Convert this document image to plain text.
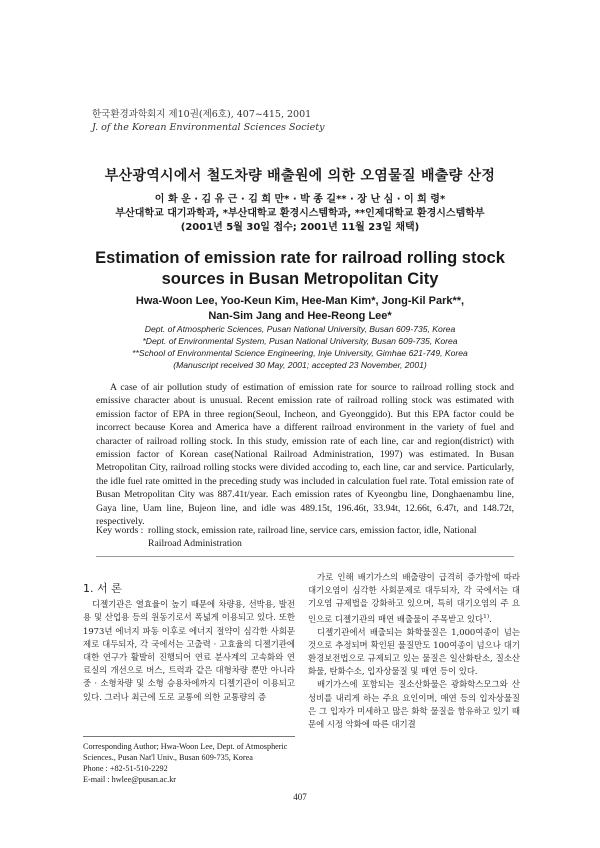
한국환경과학회지 제10권(제6호), 407~415, 2001
J. of the Korean Environmental Sciences Society
부산광역시에서 철도차량 배출원에 의한 오염물질 배출량 산정
이 화 운 · 김 유 근 · 김 희 만* · 박 종 길** · 장 난 심 · 이 희 령*
부산대학교 대기과학과, *부산대학교 환경시스템학과, **인제대학교 환경시스템학부
(2001년 5월 30일 접수; 2001년 11월 23일 채택)
Estimation of emission rate for railroad rolling stock
sources in Busan Metropolitan City
Hwa-Woon Lee, Yoo-Keun Kim, Hee-Man Kim*, Jong-Kil Park**,
Nan-Sim Jang and Hee-Reong Lee*
Dept. of Atmospheric Sciences, Pusan National University, Busan 609-735, Korea
*Dept. of Environmental System, Pusan National University, Busan 609-735, Korea
**School of Environmental Science Engineering, Inje University, Gimhae 621-749, Korea
(Manuscript received 30 May, 2001; accepted 23 November, 2001)
A case of air pollution study of estimation of emission rate for source to railroad rolling stock and emissive character about is unusual. Recent emission rate of railroad rolling stock was estimated with emission factor of EPA in three region(Seoul, Incheon, and Gyeonggido). But this EPA factor could be incorrect because Korea and America have a different railroad environment in the variety of fuel and character of railroad rolling stock. In this study, emission rate of each line, car and region(district) with emission factor of Korean case(National Railroad Administration, 1997) was estimated. In Busan Metropolitan City, railroad rolling stocks were divided accoding to, each line, car and service. Particularly, the idle fuel rate omitted in the preceding study was included in calculation fuel rate. Total emission rate of Busan Metropolitan City was 887.41t/year. Each emission rates of Kyeongbu line, Donghaenambu line, Gaya line, Uam line, Bujeon line, and idle was 489.15t, 196.46t, 33.94t, 12.66t, 6.47t, and 148.72t, respectively.
Key words : rolling stock, emission rate, railroad line, service cars, emission factor, idle, National Railroad Administration
1. 서 론

디젤기관은 열효율이 높기 때문에 차량용, 선박용, 발전용 및 산업용 등의 원동기로서 폭넓게 이용되고 있다. 또한 1973년 에너지 파동 이후로 에너지 절약이 심각한 사회문제로 대두되자, 각 국에서는 고출력 · 고효율의 디젤기관에 대한 연구가 활발히 진행되어 연료 분사계의 고속화와 연료실의 개선으로 버스, 트럭과 같은 대형차량 뿐만 아니라 중 · 소형차량 및 소형 승용차에까지 디젤기관이 이용되고 있다. 그러나 최근에 도로 교통에 의한 교통량의 증

가로 인해 배기가스의 배출량이 급격히 증가함에 따라 대기오염이 심각한 사회문제로 대두되자, 각 국에서는 대기오염 규제법을 강화하고 있으며, 특히 대기오염의 주 요인으로 디젤기관의 매연 배출물이 주목받고 있다$^{1)}$.

디젤기관에서 배출되는 화학물질은 1,000여종이 넘는 것으로 추정되며 확인된 물질만도 100여종이 넘으나 대기환경보전법으로 규제되고 있는 물질은 일산화탄소, 질소산화물, 탄화수소, 입자상물질 및 매연 등이 있다.

배기가스에 포함되는 질소산화물은 광화학스모그와 산성비를 내리게 하는 주요 요인이며, 매연 등의 입자상물질은 그 입자가 미세하고 많은 화학 물질을 함유하고 있기 때문에 시정 악화에 따른 대기결

Corresponding Author; Hwa-Woon Lee, Dept. of Atmospheric
Sciences., Pusan Nat'l Univ., Busan 609-735, Korea
Phone : +82-51-510-2292
E-mail : hwlee@pusan.ac.kr
407
